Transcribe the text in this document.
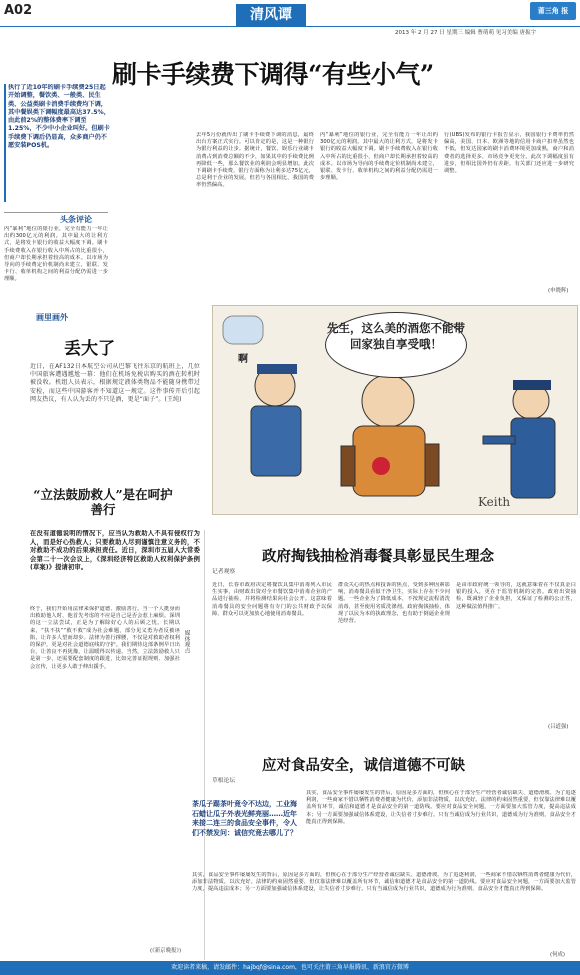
A02	清风谭	莆三角 报
2013 年 2 月 27 日 星期三 编辑 曹萌萌 见习美编 唐振宇
刷卡手续费下调得“有些小气”
执行了近10年的刷卡手续费25日起开始调整，餐饮类、一般类、民生类、公益类刷卡消费手续费均下调，其中餐娱类下调幅度最高达37.5%，由此前2%的整体费率下调至1.25%，不少中小企业叫好。但刷卡手续费下调后仍显高，众多商户仍不愿安装POS机。
头条评论
内“暴利”地位的银行业，完全有能力一年让出约300亿元的利润。其中最大的让利方式，是将发卡银行的收益大幅度下调。刷卡手续费收入在银行收入中所占的比重很小，但商户却长期承担着较高的成本。以市场为导向的手续费定价机制尚未建立，银联、发卡行、收单机构之间的利益分配仍需进一步理顺。
去年5月份就传出了刷卡手续费下调的消息，最终出台方案正式实行。可以肯定的是，这是一种银行为银行利益的让步。据统计，餐饮、娱乐行业刷卡消费占到消费总额的不少，如果其中的手续费比例再降低一些，那么餐饮业的利润会明显增加。此次下调刷卡手续费，银行方面称为让利多达75亿元，总是利于企业的发展。但若与各国相比，我国的费率仍然偏高。
内“暴利”地位的银行业，完全有能力一年让出约300亿元的利润。其中最大的让利方式，是将发卡银行的收益大幅度下调。刷卡手续费收入在银行收入中所占的比重很小，但商户却长期承担着较高的成本。以市场为导向的手续费定价机制尚未建立，银联、发卡行、收单机构之间的利益分配仍需进一步理顺。
行(UBS)发布的银行卡报告显示，我国银行卡费率仍然偏高，美国、日本、欧洲等地的信用卡商户扣率虽然也不低，但发达国家的刷卡消费环境更加成熟，商户和消费者的选择更多，市场竞争更充分。此次下调幅度虽有进步，但相比国外仍有差距，有关部门还应进一步研究调整。
(申晓辉)
Keith
先生，这么美的酒您不能带回家独自享受哦！
啊
画里画外
丢大了
近日，在AF132日本航空公司从巴黎飞往东京的航班上，几位中国旅客遭遇尴尬一幕：他们在机场免税店购买的酒在转机时被没收。机组人员表示，根据规定液体类物品不能随身携带过安检，而这些中国游客并不知道这一规定。这件事传开后引起网友热议，有人认为丢的不只是酒，更是“面子”。(王纯)
“立法鼓励救人”是在呵护善行
在没有道德说明的情况下，应当认为救助人不具有侵权行为人，而是好心热救人；只要救助人尽到谨慎注意义务的，不对救助不成功的后果承担责任。近日，深圳市五届人大常委会第二十一次会议上，《深圳经济特区救助人权利保护条例(草案)》提请初审。
终于，我们开始用法律来保护道德、激励善行。当一个人挺身而出救助他人时，他首先考虑的不应是自己是否会惹上麻烦。深圳的这一立法尝试，正是为了解除好心人的后顾之忧。长期以来，“扶不扶”“救不救”成为社会难题，部分见义勇为者反被诬陷，让许多人望而却步。法律为善行撑腰，不仅是对救助者权利的保护，更是对社会道德底线的守护。我们期待这部条例早日出台，让善良不再犹豫，让温暖得以传递。当然，立法鼓励救人只是第一步，还需要配套制度的跟进，比如完善证据规则、加强社会宣传，让更多人敢于伸出援手。
媒体观点
(《新京晚报》)
政府掏钱抽检消毒餐具彰显民生理念
记者观察
近日，长春市政府决定将餐饮具集中消毒列入市民生实事，由财政出资对全市餐饮集中消毒企业的产品进行抽检，并将检测结果向社会公开。这意味着消毒餐具的安全问题将有专门的公共财政予以保障，群众可以更加放心地使用消毒餐具。
群众关心的热点和投诉的焦点，受到多种因素影响，消毒餐具看似干净卫生，实际上存在不少问题。一些企业为了降低成本，不按规定流程清洗消毒，甚至使用劣质洗涤剂。政府掏钱抽检，体现了以民为本的执政理念，也有助于倒逼企业规范经营。
是由市政府统一领导的，这就意味着在不仅真金白银的投入，更在于监管机制的完善。政府出资抽检，既减轻了企业负担，又保证了检测的公正性，这种做法值得推广。
(吕道强)
应对食品安全，诚信道德不可缺
草根论坛
茶瓜子踢茶叶竟令不达边，工业海石蜡让瓜子外表光鲜亮丽……近年来接二连三的食品安全事件，令人们不禁发问：诚信究竟去哪儿了？
其实，食品安全事件屡屡发生的背后，原因是多方面的，但核心在于部分生产经营者诚信缺失、道德滑坡。为了追逐利润，一些商家不惜以牺牲消费者健康为代价，添加非法物质，以次充好。法律的约束固然重要，但仅靠法律难以覆盖所有环节，诚信和道德才是食品安全的第一道防线。要应对食品安全问题，一方面要加大监管力度，提高违法成本；另一方面要加强诚信体系建设，让失信者寸步难行。只有当诚信成为行业共识，道德成为行为准则，食品安全才能真正得到保障。
其实，食品安全事件屡屡发生的背后，原因是多方面的，但核心在于部分生产经营者诚信缺失、道德滑坡。为了追逐利润，一些商家不惜以牺牲消费者健康为代价，添加非法物质，以次充好。法律的约束固然重要，但仅靠法律难以覆盖所有环节，诚信和道德才是食品安全的第一道防线。要应对食品安全问题，一方面要加大监管力度，提高违法成本；另一方面要加强诚信体系建设，让失信者寸步难行。只有当诚信成为行业共识，道德成为行为准则，食品安全才能真正得到保障。
(何成)
欢迎读者来稿，请发邮件：hajbqf@sina.com，也可关注莆三角早报腾讯、新浪官方微博
